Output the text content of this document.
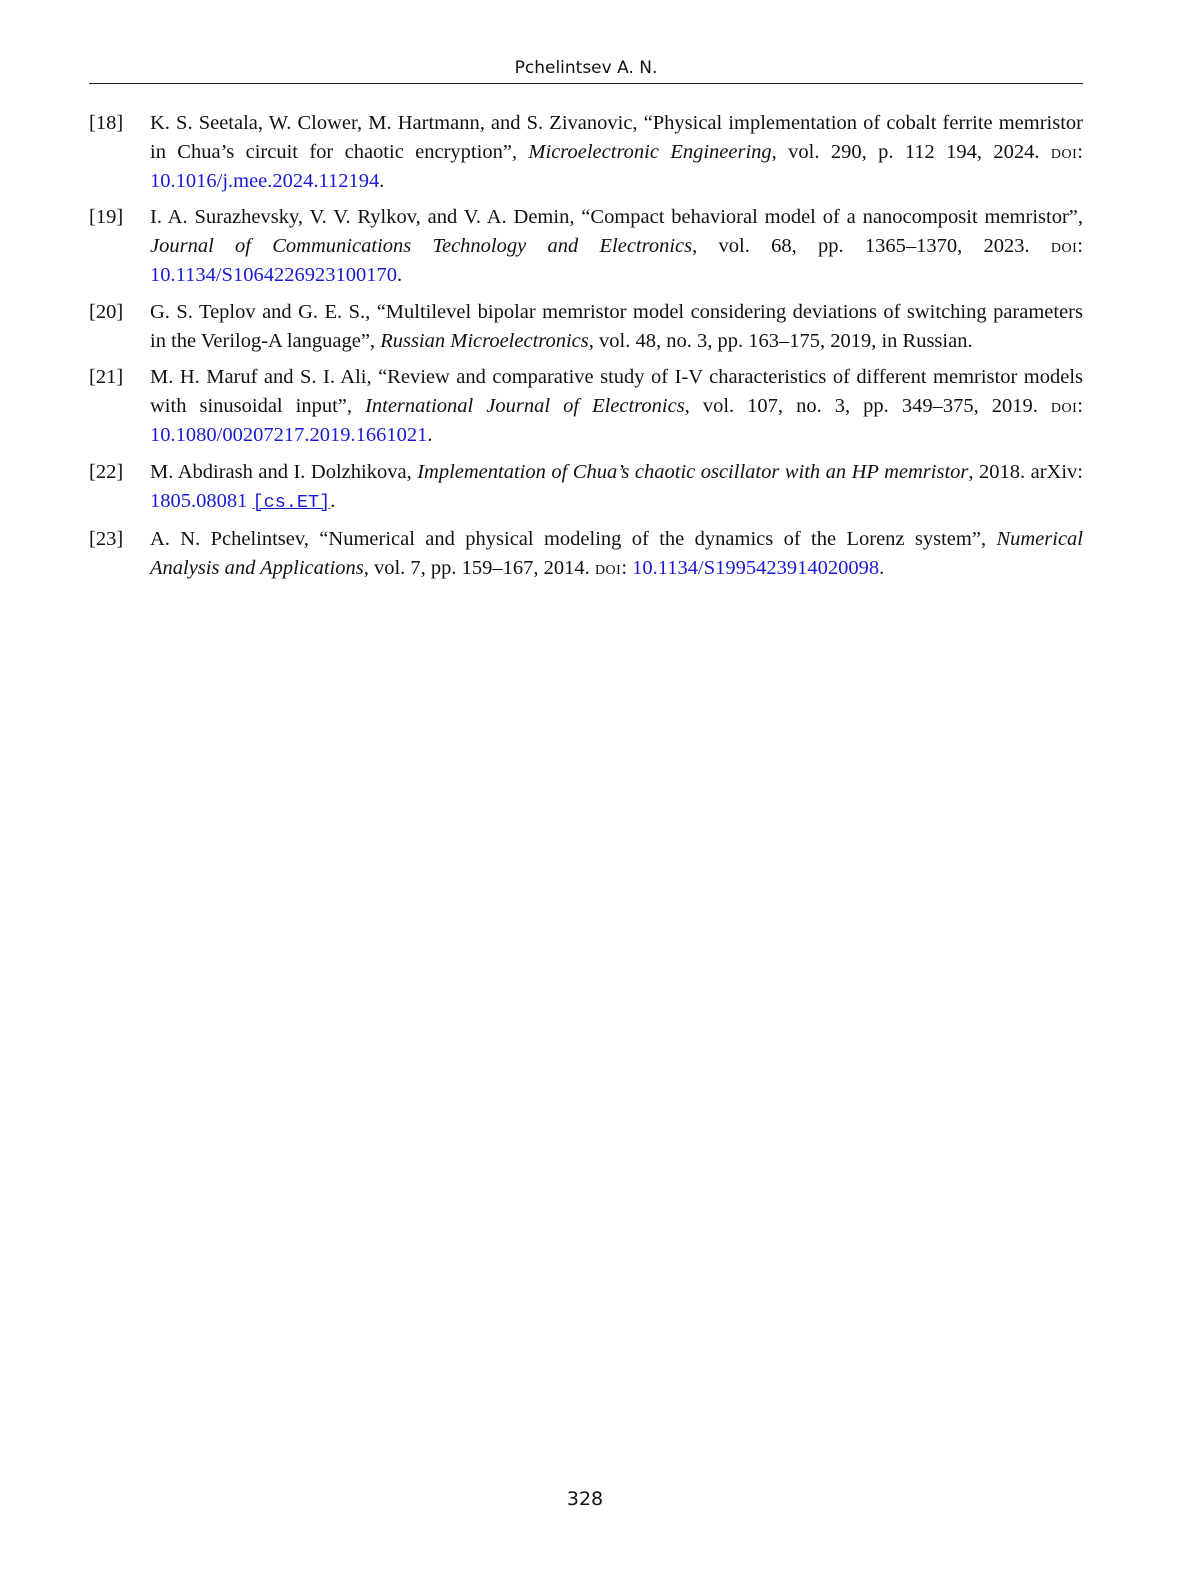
Pchelintsev A. N.
[18] K. S. Seetala, W. Clower, M. Hartmann, and S. Zivanovic, “Physical implementation of cobalt ferrite memristor in Chua’s circuit for chaotic encryption”, Microelectronic Engineering, vol. 290, p. 112 194, 2024. doi: 10.1016/j.mee.2024.112194.
[19] I. A. Surazhevsky, V. V. Rylkov, and V. A. Demin, “Compact behavioral model of a nanocomposit memristor”, Journal of Communications Technology and Electronics, vol. 68, pp. 1365–1370, 2023. doi: 10.1134/S1064226923100170.
[20] G. S. Teplov and G. E. S., “Multilevel bipolar memristor model considering deviations of switching parameters in the Verilog-A language”, Russian Microelectronics, vol. 48, no. 3, pp. 163–175, 2019, in Russian.
[21] M. H. Maruf and S. I. Ali, “Review and comparative study of I-V characteristics of different memristor models with sinusoidal input”, International Journal of Electronics, vol. 107, no. 3, pp. 349–375, 2019. doi: 10.1080/00207217.2019.1661021.
[22] M. Abdirash and I. Dolzhikova, Implementation of Chua’s chaotic oscillator with an HP memristor, 2018. arXiv: 1805.08081 [cs.ET].
[23] A. N. Pchelintsev, “Numerical and physical modeling of the dynamics of the Lorenz system”, Numerical Analysis and Applications, vol. 7, pp. 159–167, 2014. doi: 10.1134/S1995423914020098.
328
